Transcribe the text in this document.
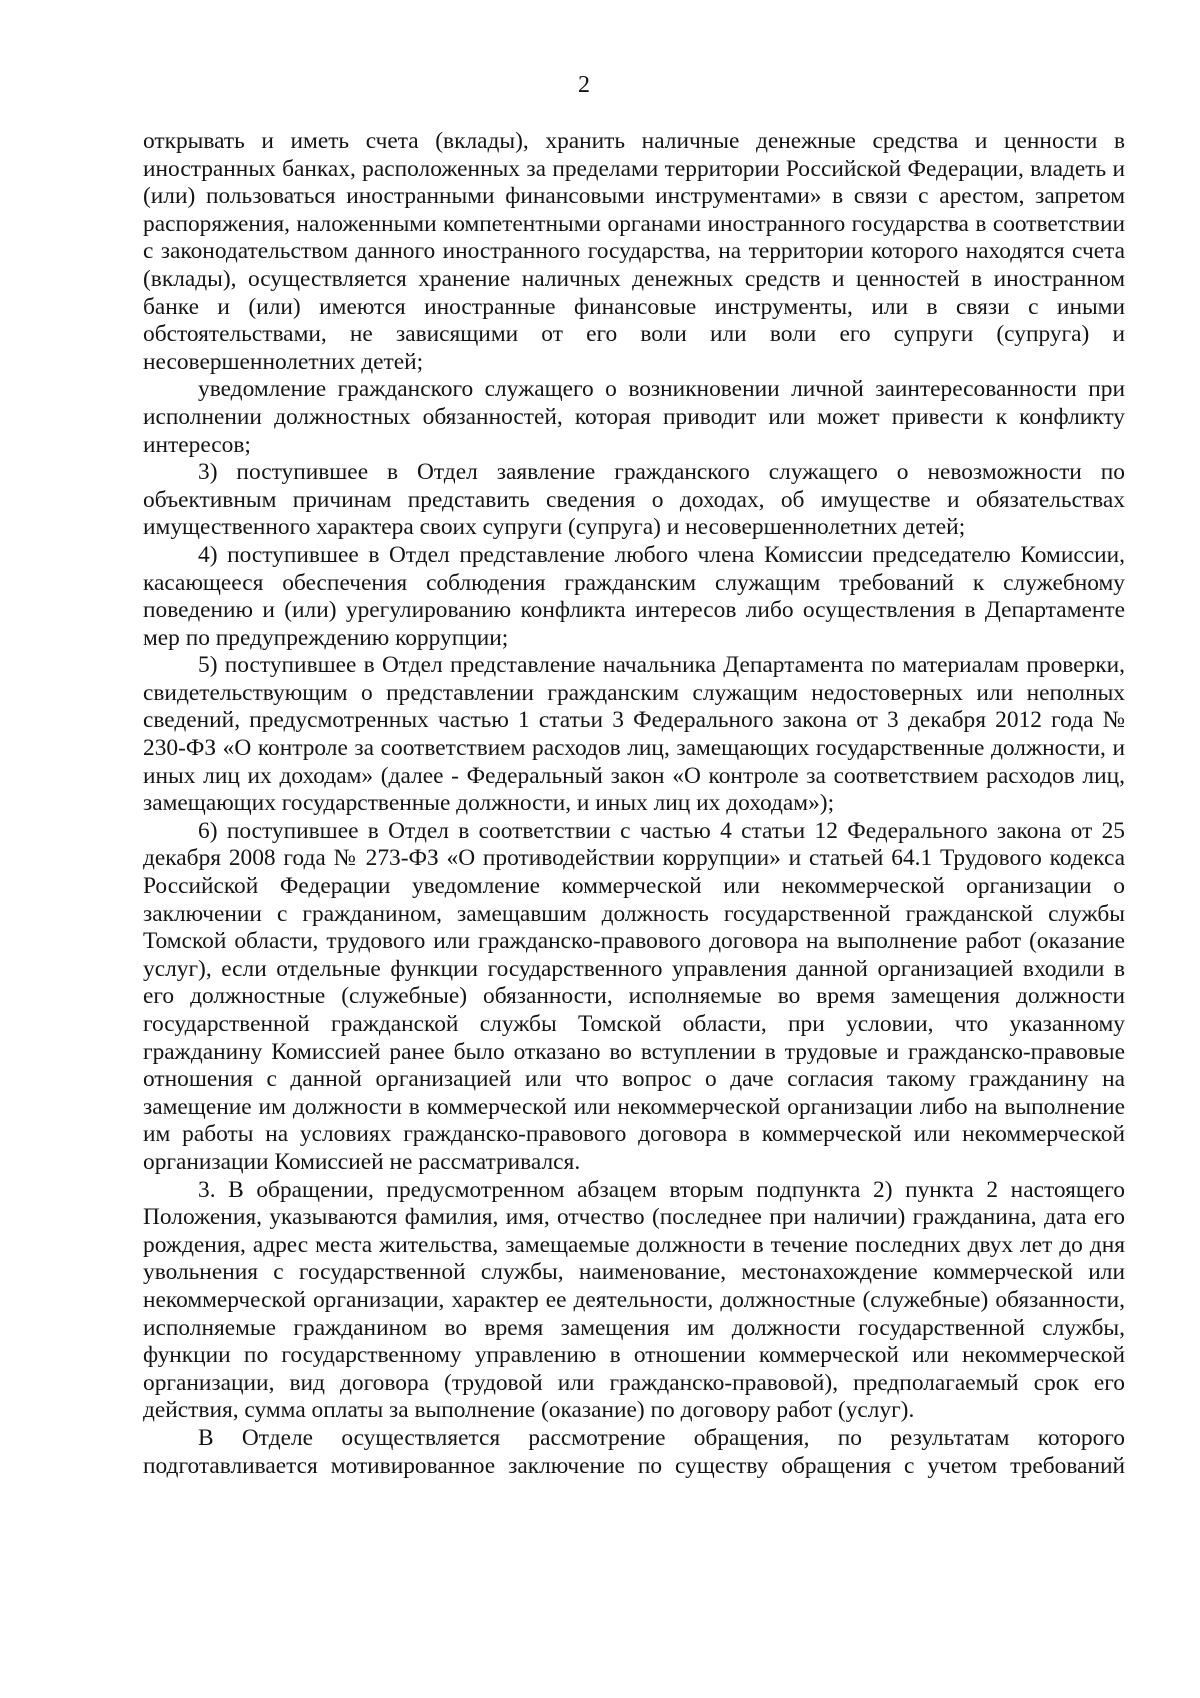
2

открывать и иметь счета (вклады), хранить наличные денежные средства и ценности в иностранных банках, расположенных за пределами территории Российской Федерации, владеть и (или) пользоваться иностранными финансовыми инструментами» в связи с арестом, запретом распоряжения, наложенными компетентными органами иностранного государства в соответствии с законодательством данного иностранного государства, на территории которого находятся счета (вклады), осуществляется хранение наличных денежных средств и ценностей в иностранном банке и (или) имеются иностранные финансовые инструменты, или в связи с иными обстоятельствами, не зависящими от его воли или воли его супруги (супруга) и несовершеннолетних детей;

уведомление гражданского служащего о возникновении личной заинтересованности при исполнении должностных обязанностей, которая приводит или может привести к конфликту интересов;

3) поступившее в Отдел заявление гражданского служащего о невозможности по объективным причинам представить сведения о доходах, об имуществе и обязательствах имущественного характера своих супруги (супруга) и несовершеннолетних детей;

4) поступившее в Отдел представление любого члена Комиссии председателю Комиссии, касающееся обеспечения соблюдения гражданским служащим требований к служебному поведению и (или) урегулированию конфликта интересов либо осуществления в Департаменте мер по предупреждению коррупции;

5) поступившее в Отдел представление начальника Департамента по материалам проверки, свидетельствующим о представлении гражданским служащим недостоверных или неполных сведений, предусмотренных частью 1 статьи 3 Федерального закона от 3 декабря 2012 года № 230-ФЗ «О контроле за соответствием расходов лиц, замещающих государственные должности, и иных лиц их доходам» (далее - Федеральный закон «О контроле за соответствием расходов лиц, замещающих государственные должности, и иных лиц их доходам»);

6) поступившее в Отдел в соответствии с частью 4 статьи 12 Федерального закона от 25 декабря 2008 года № 273-ФЗ «О противодействии коррупции» и статьей 64.1 Трудового кодекса Российской Федерации уведомление коммерческой или некоммерческой организации о заключении с гражданином, замещавшим должность государственной гражданской службы Томской области, трудового или гражданско-правового договора на выполнение работ (оказание услуг), если отдельные функции государственного управления данной организацией входили в его должностные (служебные) обязанности, исполняемые во время замещения должности государственной гражданской службы Томской области, при условии, что указанному гражданину Комиссией ранее было отказано во вступлении в трудовые и гражданско-правовые отношения с данной организацией или что вопрос о даче согласия такому гражданину на замещение им должности в коммерческой или некоммерческой организации либо на выполнение им работы на условиях гражданско-правового договора в коммерческой или некоммерческой организации Комиссией не рассматривался.

3. В обращении, предусмотренном абзацем вторым подпункта 2) пункта 2 настоящего Положения, указываются фамилия, имя, отчество (последнее при наличии) гражданина, дата его рождения, адрес места жительства, замещаемые должности в течение последних двух лет до дня увольнения с государственной службы, наименование, местонахождение коммерческой или некоммерческой организации, характер ее деятельности, должностные (служебные) обязанности, исполняемые гражданином во время замещения им должности государственной службы, функции по государственному управлению в отношении коммерческой или некоммерческой организации, вид договора (трудовой или гражданско-правовой), предполагаемый срок его действия, сумма оплаты за выполнение (оказание) по договору работ (услуг).

В Отделе осуществляется рассмотрение обращения, по результатам которого подготавливается мотивированное заключение по существу обращения с учетом требований
